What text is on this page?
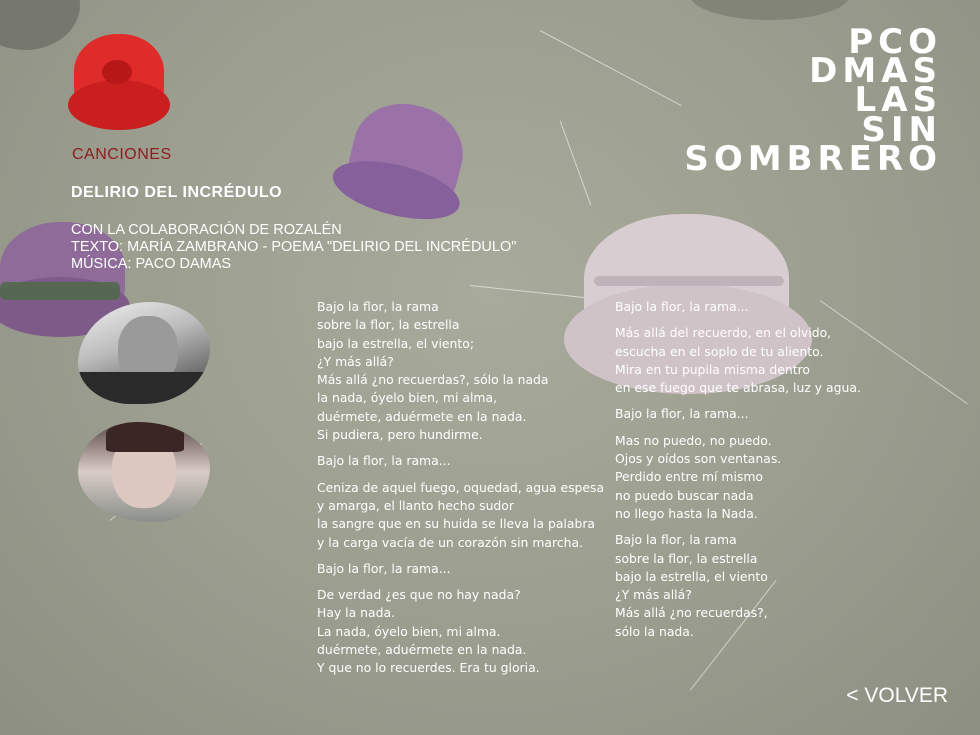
PCO
DMAS
LAS
SIN
SOMBRERO
CANCIONES
DELIRIO DEL INCRÉDULO
CON LA COLABORACIÓN DE ROZALÉN
TEXTO: MARÍA ZAMBRANO - POEMA "DELIRIO DEL INCRÉDULO"
MÚSICA: PACO DAMAS

Bajo la flor, la rama
sobre la flor, la estrella
bajo la estrella, el viento;
¿Y más allá?
Más allá ¿no recuerdas?, sólo la nada
la nada, óyelo bien, mi alma,
duérmete, aduérmete en la nada.
Si pudiera, pero hundirme.

Bajo la flor, la rama...

Ceniza de aquel fuego, oquedad, agua espesa
y amarga, el llanto hecho sudor
la sangre que en su huida se lleva la palabra
y la carga vacía de un corazón sin marcha.

Bajo la flor, la rama...

De verdad ¿es que no hay nada?
Hay la nada.
La nada, óyelo bien, mi alma.
duérmete, aduérmete en la nada.
Y que no lo recuerdes. Era tu gloria.

Bajo la flor, la rama...

Más allá del recuerdo, en el olvido,
escucha en el soplo de tu aliento.
Mira en tu pupila misma dentro
en ese fuego que te abrasa, luz y agua.

Bajo la flor, la rama...

Mas no puedo, no puedo.
Ojos y oídos son ventanas.
Perdido entre mí mismo
no puedo buscar nada
no llego hasta la Nada.

Bajo la flor, la rama
sobre la flor, la estrella
bajo la estrella, el viento
¿Y más allá?
Más allá ¿no recuerdas?,
sólo la nada.

< VOLVER
